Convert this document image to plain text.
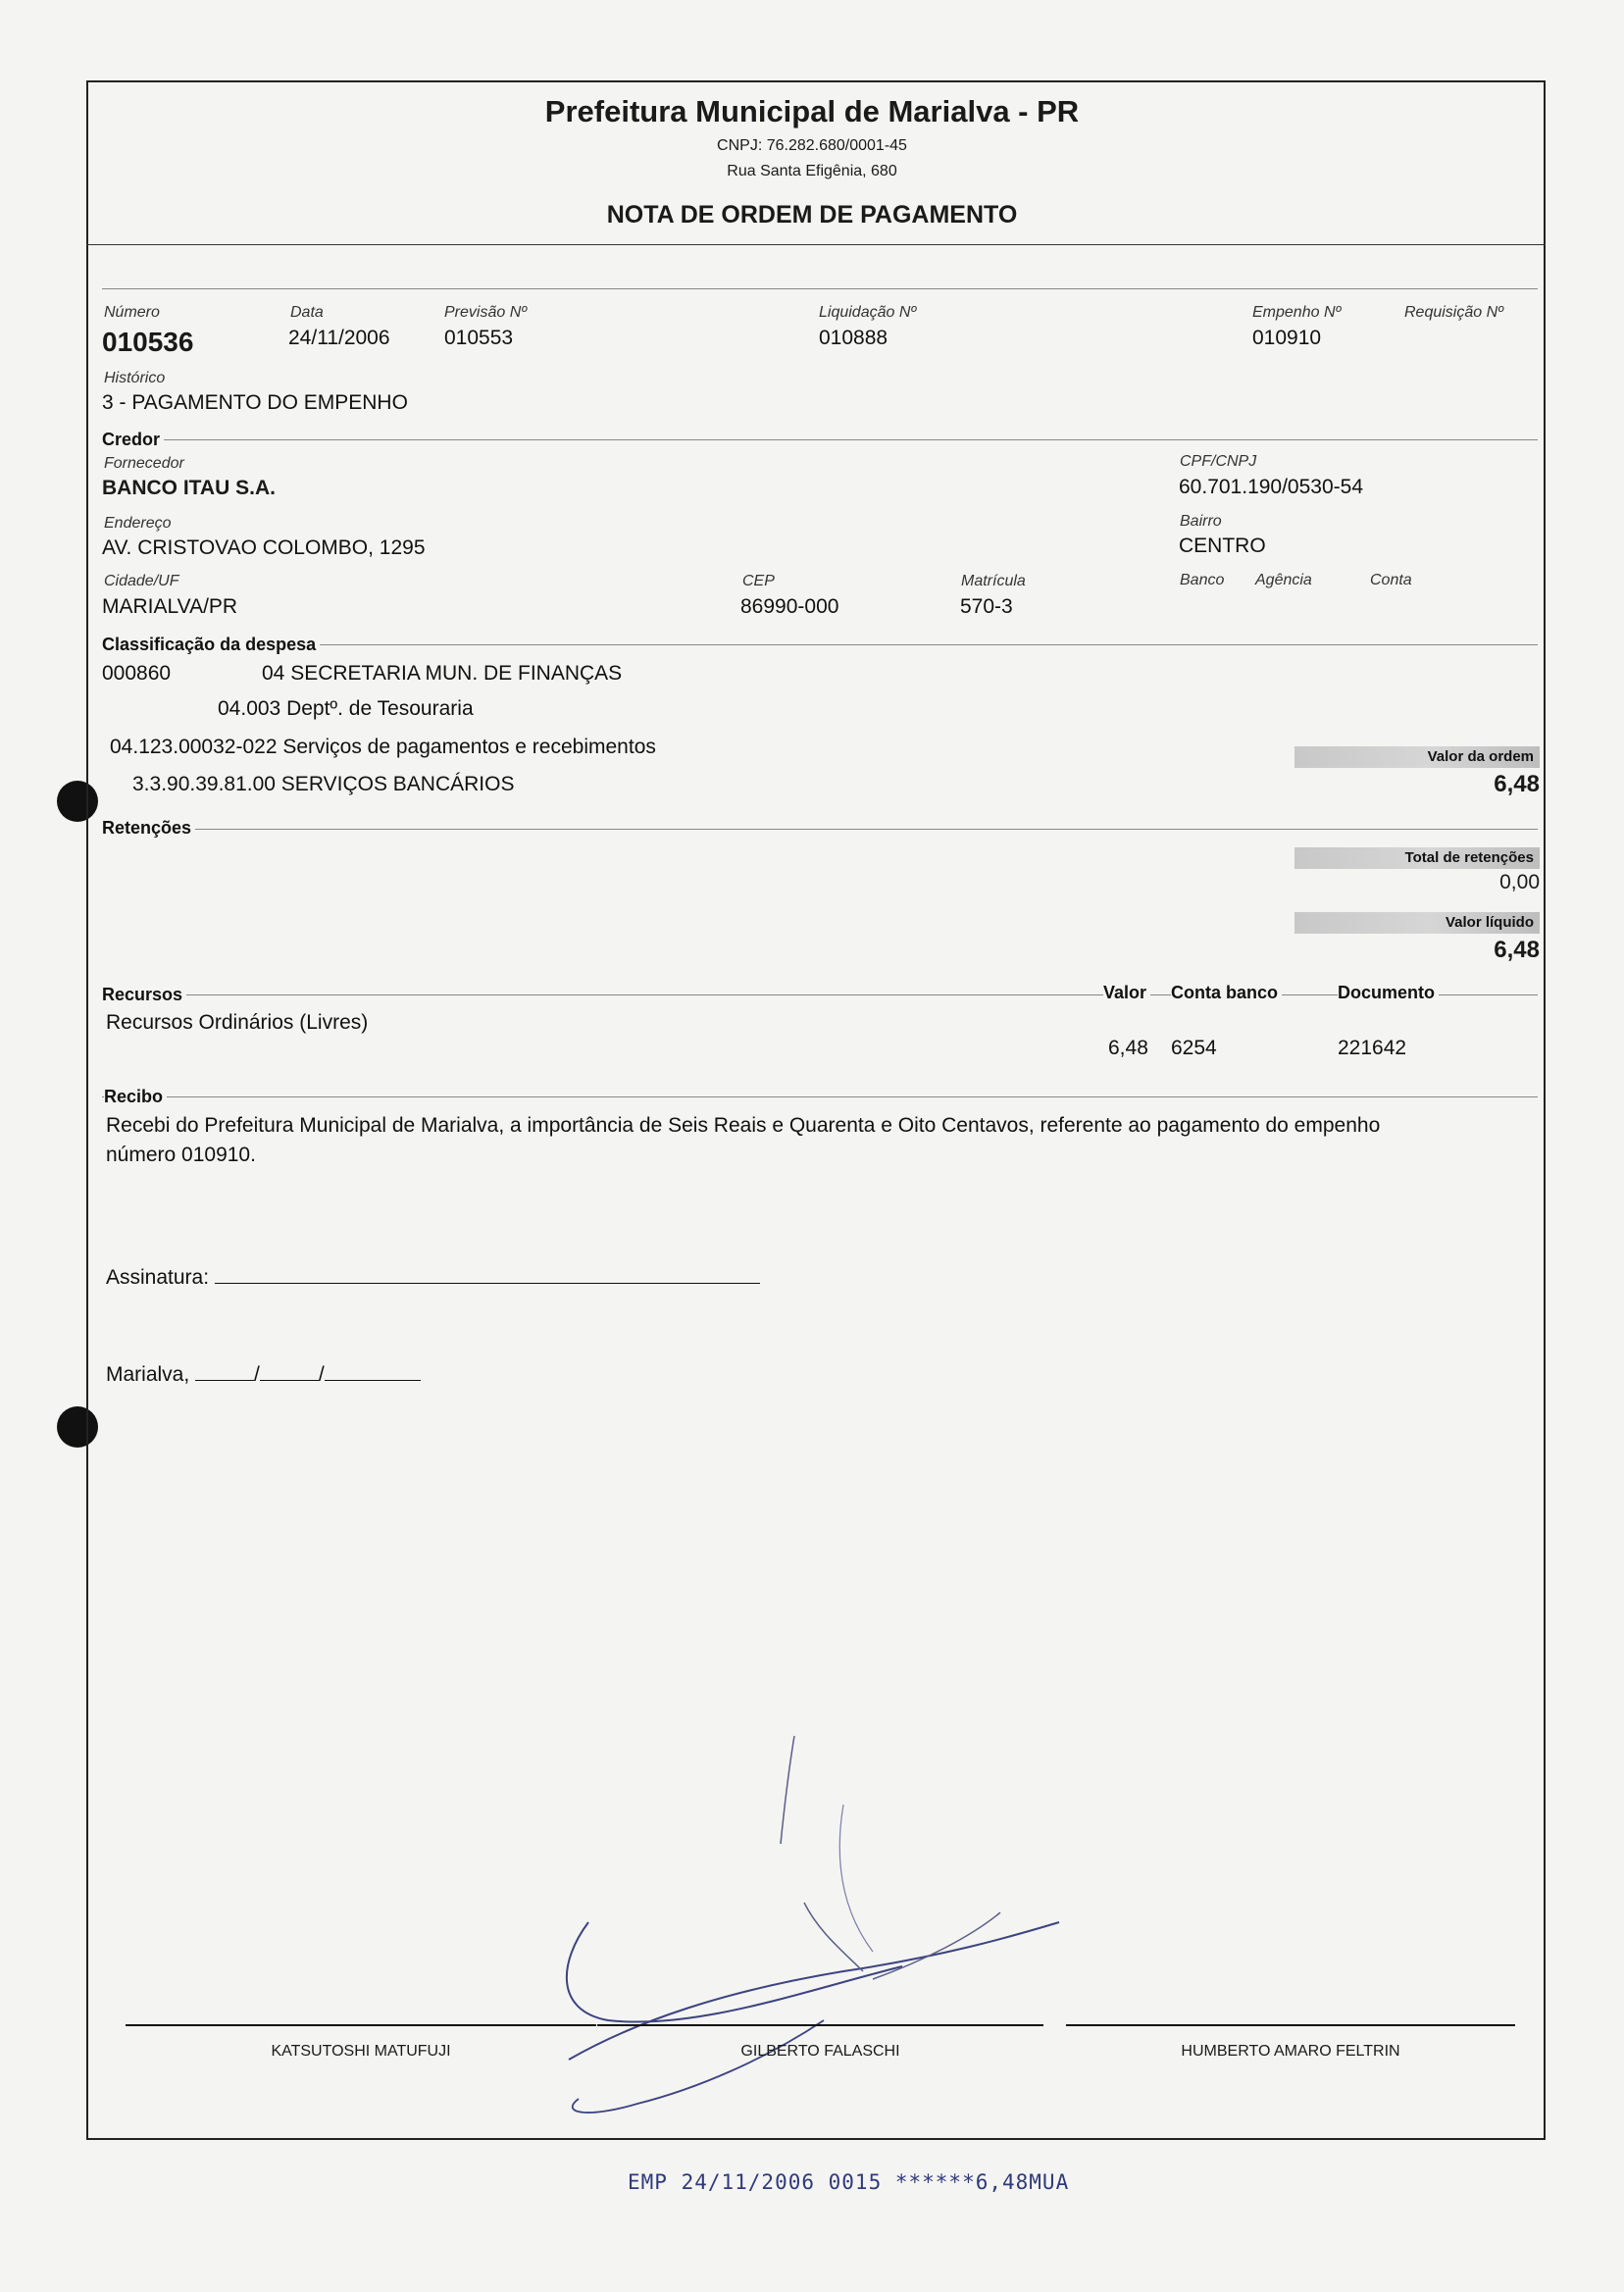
Prefeitura Municipal de Marialva - PR
CNPJ: 76.282.680/0001-45
Rua Santa Efigênia, 680
NOTA DE ORDEM DE PAGAMENTO
Número
010536
Data
24/11/2006
Previsão Nº
010553
Liquidação Nº
010888
Empenho Nº
010910
Requisição Nº
Histórico
3 - PAGAMENTO DO EMPENHO
Credor
Fornecedor
BANCO ITAU S.A.
CPF/CNPJ
60.701.190/0530-54
Endereço
AV. CRISTOVAO COLOMBO, 1295
Bairro
CENTRO
Cidade/UF
MARIALVA/PR
CEP
86990-000
Matrícula
570-3
Banco Agência	Conta
Classificação da despesa
000860	04 SECRETARIA MUN. DE FINANÇAS
04.003 Deptº. de Tesouraria
04.123.00032-022 Serviços de pagamentos e recebimentos
3.3.90.39.81.00 SERVIÇOS BANCÁRIOS
Valor da ordem
6,48
Retenções
Total de retenções
0,00
Valor líquido
6,48
Recursos	Valor Conta banco	Documento
Recursos Ordinários (Livres)
6,48 6254	221642
Recibo
Recebi do Prefeitura Municipal de Marialva, a importância de Seis Reais e Quarenta e Oito Centavos, referente ao pagamento do empenho
número 010910.
Assinatura:
Marialva,	/	/
KATSUTOSHI MATUFUJI	GILBERTO FALASCHI	HUMBERTO AMARO FELTRIN
EMP 24/11/2006 0015 ******6,48MUA
